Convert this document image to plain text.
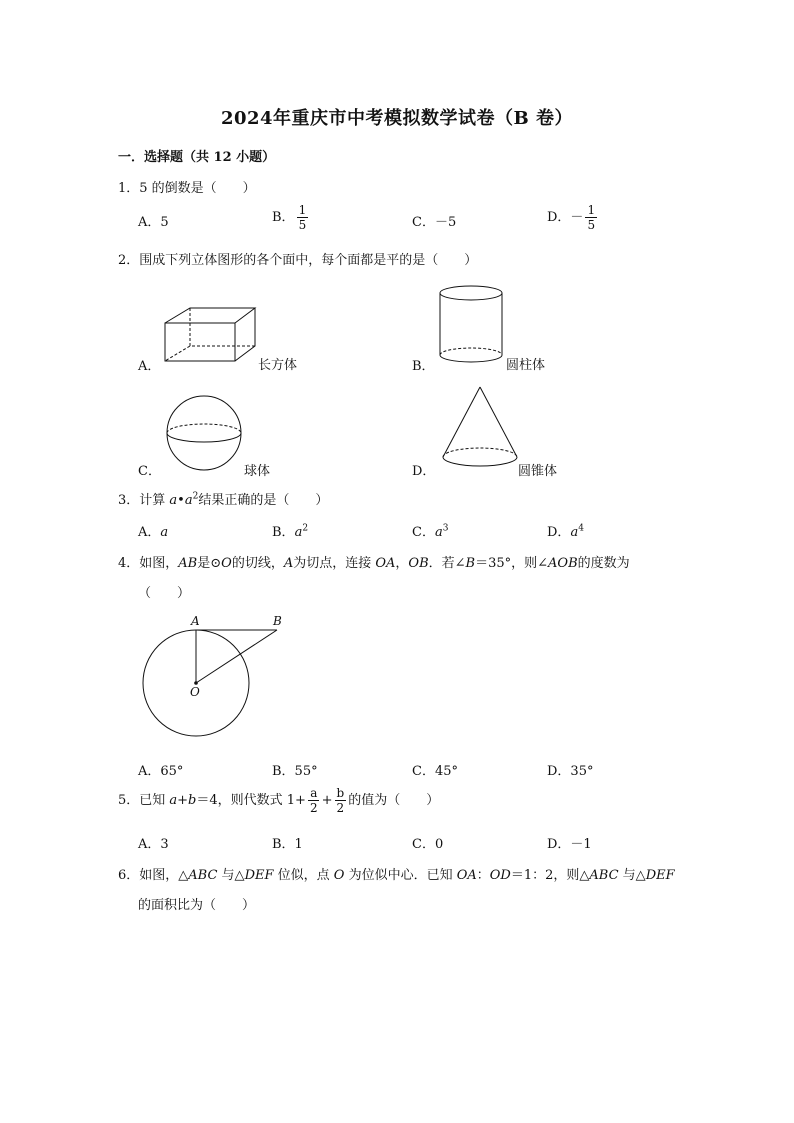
2024年重庆市中考模拟数学试卷（B 卷）
一．选择题（共 12 小题）
1．5 的倒数是（　　）
A．5	B． $\frac{1}{5}$	C．－5	D．－ $\frac{1}{5}$
2．围成下列立体图形的各个面中，每个面都是平的是（　　）
A．	长方体	B．	圆柱体
C．	球体	D．	圆锥体
3．计算 $a•a^2$结果正确的是（　　）
A．a	B．$a^2$	C．$a^3$	D．$a^4$
4．如图，AB是⊙O的切线，A为切点，连接 OA，OB．若∠B＝35°，则∠AOB的度数为
（　　）
A	B
O
A．65°	B．55°	C．45°	D．35°
5．已知 a+b＝4，则代数式 $1+ \frac{a}{2} + \frac{b}{2}$ 的值为（　　）
A．3	B．1	C．0	D．－1
6．如图，△ABC 与△DEF 位似，点 O 为位似中心．已知 OA：OD＝1：2，则△ABC 与△DEF
的面积比为（　　）
